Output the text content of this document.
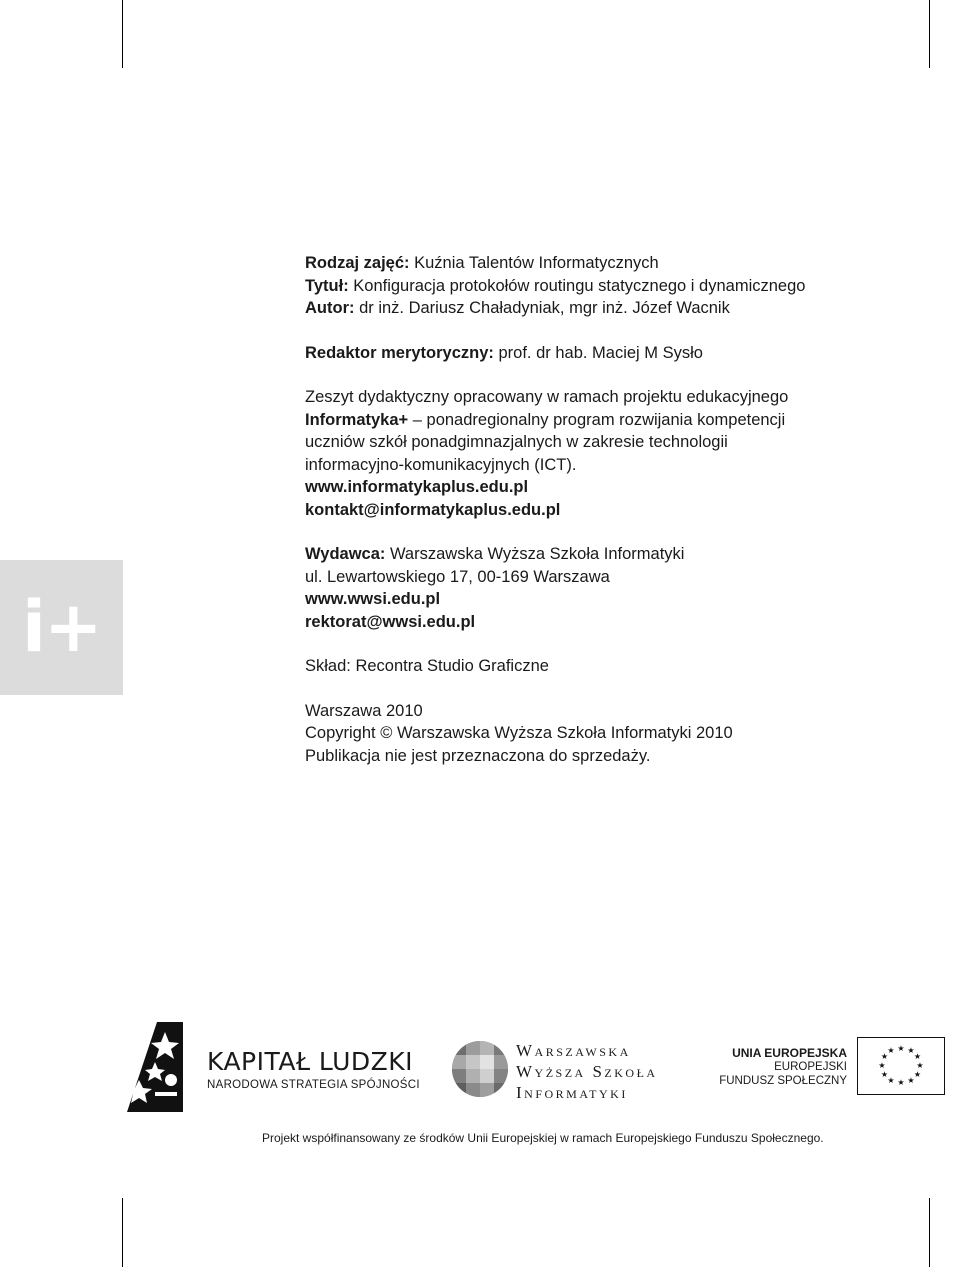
i+

Rodzaj zajęć: Kuźnia Talentów Informatycznych

Tytuł: Konfiguracja protokołów routingu statycznego i dynamicznego

Autor: dr inż. Dariusz Chaładyniak, mgr inż. Józef Wacnik

Redaktor merytoryczny: prof. dr hab. Maciej M Sysło

Zeszyt dydaktyczny opracowany w ramach projektu edukacyjnego

Informatyka+ – ponadregionalny program rozwijania kompetencji

uczniów szkół ponadgimnazjalnych w zakresie technologii

informacyjno-komunikacyjnych (ICT).

www.informatykaplus.edu.pl

kontakt@informatykaplus.edu.pl

Wydawca: Warszawska Wyższa Szkoła Informatyki

ul. Lewartowskiego 17, 00-169 Warszawa

www.wwsi.edu.pl

rektorat@wwsi.edu.pl

Skład: Recontra Studio Graficzne

Warszawa 2010

Copyright © Warszawska Wyższa Szkoła Informatyki 2010

Publikacja nie jest przeznaczona do sprzedaży.

KAPITAŁ LUDZKI
NARODOWA STRATEGIA SPÓJNOŚCI
Warszawska
Wyższa Szkoła
Informatyki
UNIA EUROPEJSKA
EUROPEJSKI
FUNDUSZ SPOŁECZNY
★ ★
★
★
★
★
★
★
★
★
★
★
Projekt współfinansowany ze środków Unii Europejskiej w ramach Europejskiego Funduszu Społecznego.
